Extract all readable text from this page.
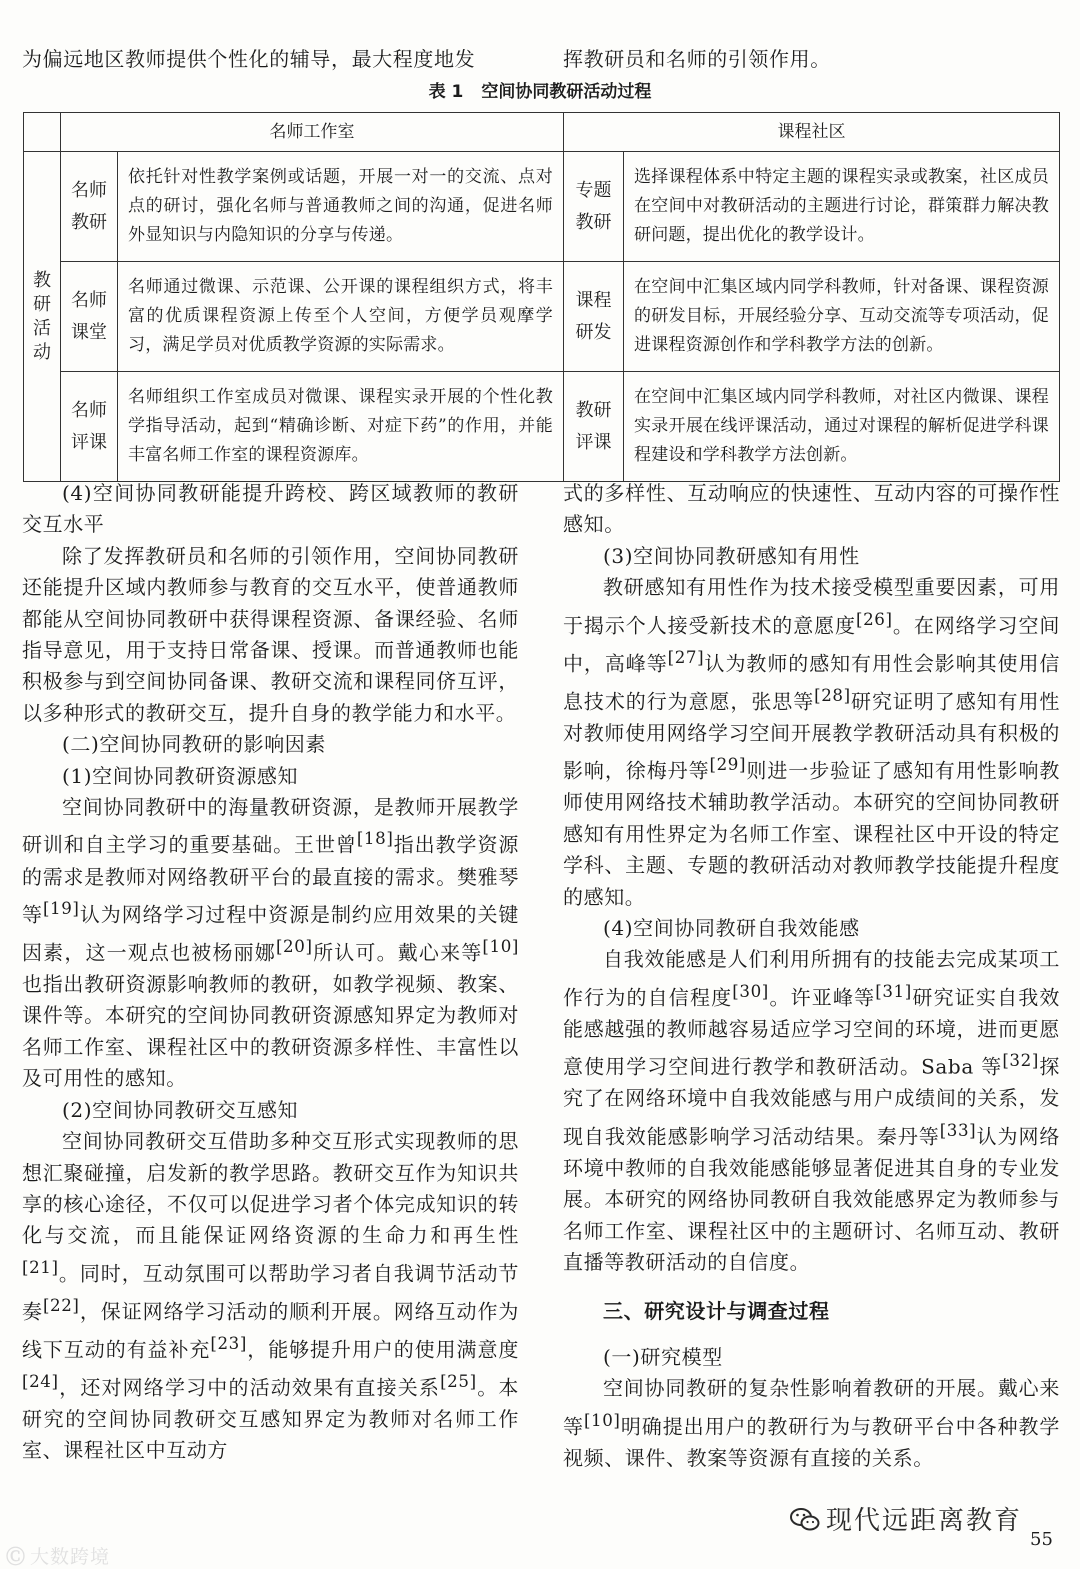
为偏远地区教师提供个性化的辅导，最大程度地发	挥教研员和名师的引领作用。
表 1 空间协同教研活动过程
	名师工作室		课程社区	
教研活动	名师教研	依托针对性教学案例或话题，开展一对一的交流、点对点的研讨，强化名师与普通教师之间的沟通，促进名师外显知识与内隐知识的分享与传递。	专题教研	选择课程体系中特定主题的课程实录或教案，社区成员在空间中对教研活动的主题进行讨论，群策群力解决教研问题，提出优化的教学设计。
	名师课堂	名师通过微课、示范课、公开课的课程组织方式，将丰富的优质课程资源上传至个人空间，方便学员观摩学习，满足学员对优质教学资源的实际需求。	课程研发	在空间中汇集区域内同学科教师，针对备课、课程资源的研发目标，开展经验分享、互动交流等专项活动，促进课程资源创作和学科教学方法的创新。
	名师评课	名师组织工作室成员对微课、课程实录开展的个性化教学指导活动，起到“精确诊断、对症下药”的作用，并能丰富名师工作室的课程资源库。	教研评课	在空间中汇集区域内同学科教师，对社区内微课、课程实录开展在线评课活动，通过对课程的解析促进学科课程建设和学科教学方法创新。

(4)空间协同教研能提升跨校、跨区域教师的教研交互水平

除了发挥教研员和名师的引领作用，空间协同教研还能提升区域内教师参与教育的交互水平，使普通教师都能从空间协同教研中获得课程资源、备课经验、名师指导意见，用于支持日常备课、授课。而普通教师也能积极参与到空间协同备课、教研交流和课程同侪互评，以多种形式的教研交互，提升自身的教学能力和水平。

(二)空间协同教研的影响因素

(1)空间协同教研资源感知

空间协同教研中的海量教研资源，是教师开展教学研训和自主学习的重要基础。王世曾[18]指出教学资源的需求是教师对网络教研平台的最直接的需求。樊雅琴等[19]认为网络学习过程中资源是制约应用效果的关键因素，这一观点也被杨丽娜[20]所认可。戴心来等[10]也指出教研资源影响教师的教研，如教学视频、教案、课件等。本研究的空间协同教研资源感知界定为教师对名师工作室、课程社区中的教研资源多样性、丰富性以及可用性的感知。

(2)空间协同教研交互感知

空间协同教研交互借助多种交互形式实现教师的思想汇聚碰撞，启发新的教学思路。教研交互作为知识共享的核心途径，不仅可以促进学习者个体完成知识的转化与交流，而且能保证网络资源的生命力和再生性[21]。同时，互动氛围可以帮助学习者自我调节活动节奏[22]，保证网络学习活动的顺利开展。网络互动作为线下互动的有益补充[23]，能够提升用户的使用满意度[24]，还对网络学习中的活动效果有直接关系[25]。本研究的空间协同教研交互感知界定为教师对名师工作室、课程社区中互动方

式的多样性、互动响应的快速性、互动内容的可操作性感知。

(3)空间协同教研感知有用性

教研感知有用性作为技术接受模型重要因素，可用于揭示个人接受新技术的意愿度[26]。在网络学习空间中，高峰等[27]认为教师的感知有用性会影响其使用信息技术的行为意愿，张思等[28]研究证明了感知有用性对教师使用网络学习空间开展教学教研活动具有积极的影响，徐梅丹等[29]则进一步验证了感知有用性影响教师使用网络技术辅助教学活动。本研究的空间协同教研感知有用性界定为名师工作室、课程社区中开设的特定学科、主题、专题的教研活动对教师教学技能提升程度的感知。

(4)空间协同教研自我效能感

自我效能感是人们利用所拥有的技能去完成某项工作行为的自信程度[30]。许亚峰等[31]研究证实自我效能感越强的教师越容易适应学习空间的环境，进而更愿意使用学习空间进行教学和教研活动。Saba 等[32]探究了在网络环境中自我效能感与用户成绩间的关系，发现自我效能感影响学习活动结果。秦丹等[33]认为网络环境中教师的自我效能感能够显著促进其自身的专业发展。本研究的网络协同教研自我效能感界定为教师参与名师工作室、课程社区中的主题研讨、名师互动、教研直播等教研活动的自信度。

三、研究设计与调查过程

(一)研究模型

空间协同教研的复杂性影响着教研的开展。戴心来等[10]明确提出用户的教研行为与教研平台中各种教学视频、课件、教案等资源有直接的关系。

Ⓒ 大数跨境
现代远距离教育
55
